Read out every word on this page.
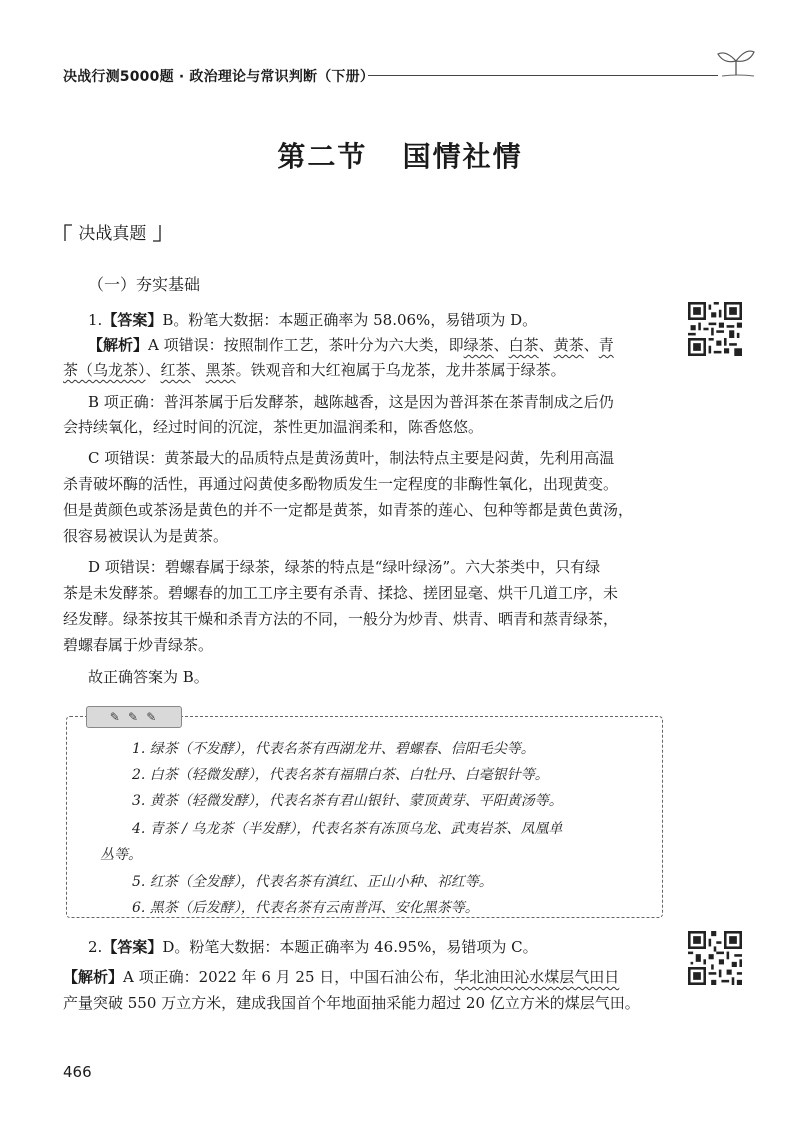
决战行测5000题 · 政治理论与常识判断（下册）
第二节   国情社情
决战真题
（一）夯实基础
1.【答案】B。粉笔大数据：本题正确率为 58.06%，易错项为 D。
【解析】A 项错误：按照制作工艺，茶叶分为六大类，即绿茶、白茶、黄茶、青
茶（乌龙茶）、红茶、黑茶。铁观音和大红袍属于乌龙茶，龙井茶属于绿茶。
B 项正确：普洱茶属于后发酵茶，越陈越香，这是因为普洱茶在茶青制成之后仍
会持续氧化，经过时间的沉淀，茶性更加温润柔和，陈香悠悠。
C 项错误：黄茶最大的品质特点是黄汤黄叶，制法特点主要是闷黄，先利用高温
杀青破坏酶的活性，再通过闷黄使多酚物质发生一定程度的非酶性氧化，出现黄变。
但是黄颜色或茶汤是黄色的并不一定都是黄茶，如青茶的莲心、包种等都是黄色黄汤，
很容易被误认为是黄茶。
D 项错误：碧螺春属于绿茶，绿茶的特点是“绿叶绿汤”。六大茶类中，只有绿
茶是未发酵茶。碧螺春的加工工序主要有杀青、揉捻、搓团显毫、烘干几道工序，未
经发酵。绿茶按其干燥和杀青方法的不同，一般分为炒青、烘青、晒青和蒸青绿茶，
碧螺春属于炒青绿茶。
故正确答案为 B。
✎ ✎ ✎
1. 绿茶（不发酵），代表名茶有西湖龙井、碧螺春、信阳毛尖等。
2. 白茶（轻微发酵），代表名茶有福鼎白茶、白牡丹、白毫银针等。
3. 黄茶（轻微发酵），代表名茶有君山银针、蒙顶黄芽、平阳黄汤等。
4. 青茶 / 乌龙茶（半发酵），代表名茶有冻顶乌龙、武夷岩茶、凤凰单
丛等。
5. 红茶（全发酵），代表名茶有滇红、正山小种、祁红等。
6. 黑茶（后发酵），代表名茶有云南普洱、安化黑茶等。
2.【答案】D。粉笔大数据：本题正确率为 46.95%，易错项为 C。
【解析】A 项正确：2022 年 6 月 25 日，中国石油公布，华北油田沁水煤层气田日
产量突破 550 万立方米，建成我国首个年地面抽采能力超过 20 亿立方米的煤层气田。
466
